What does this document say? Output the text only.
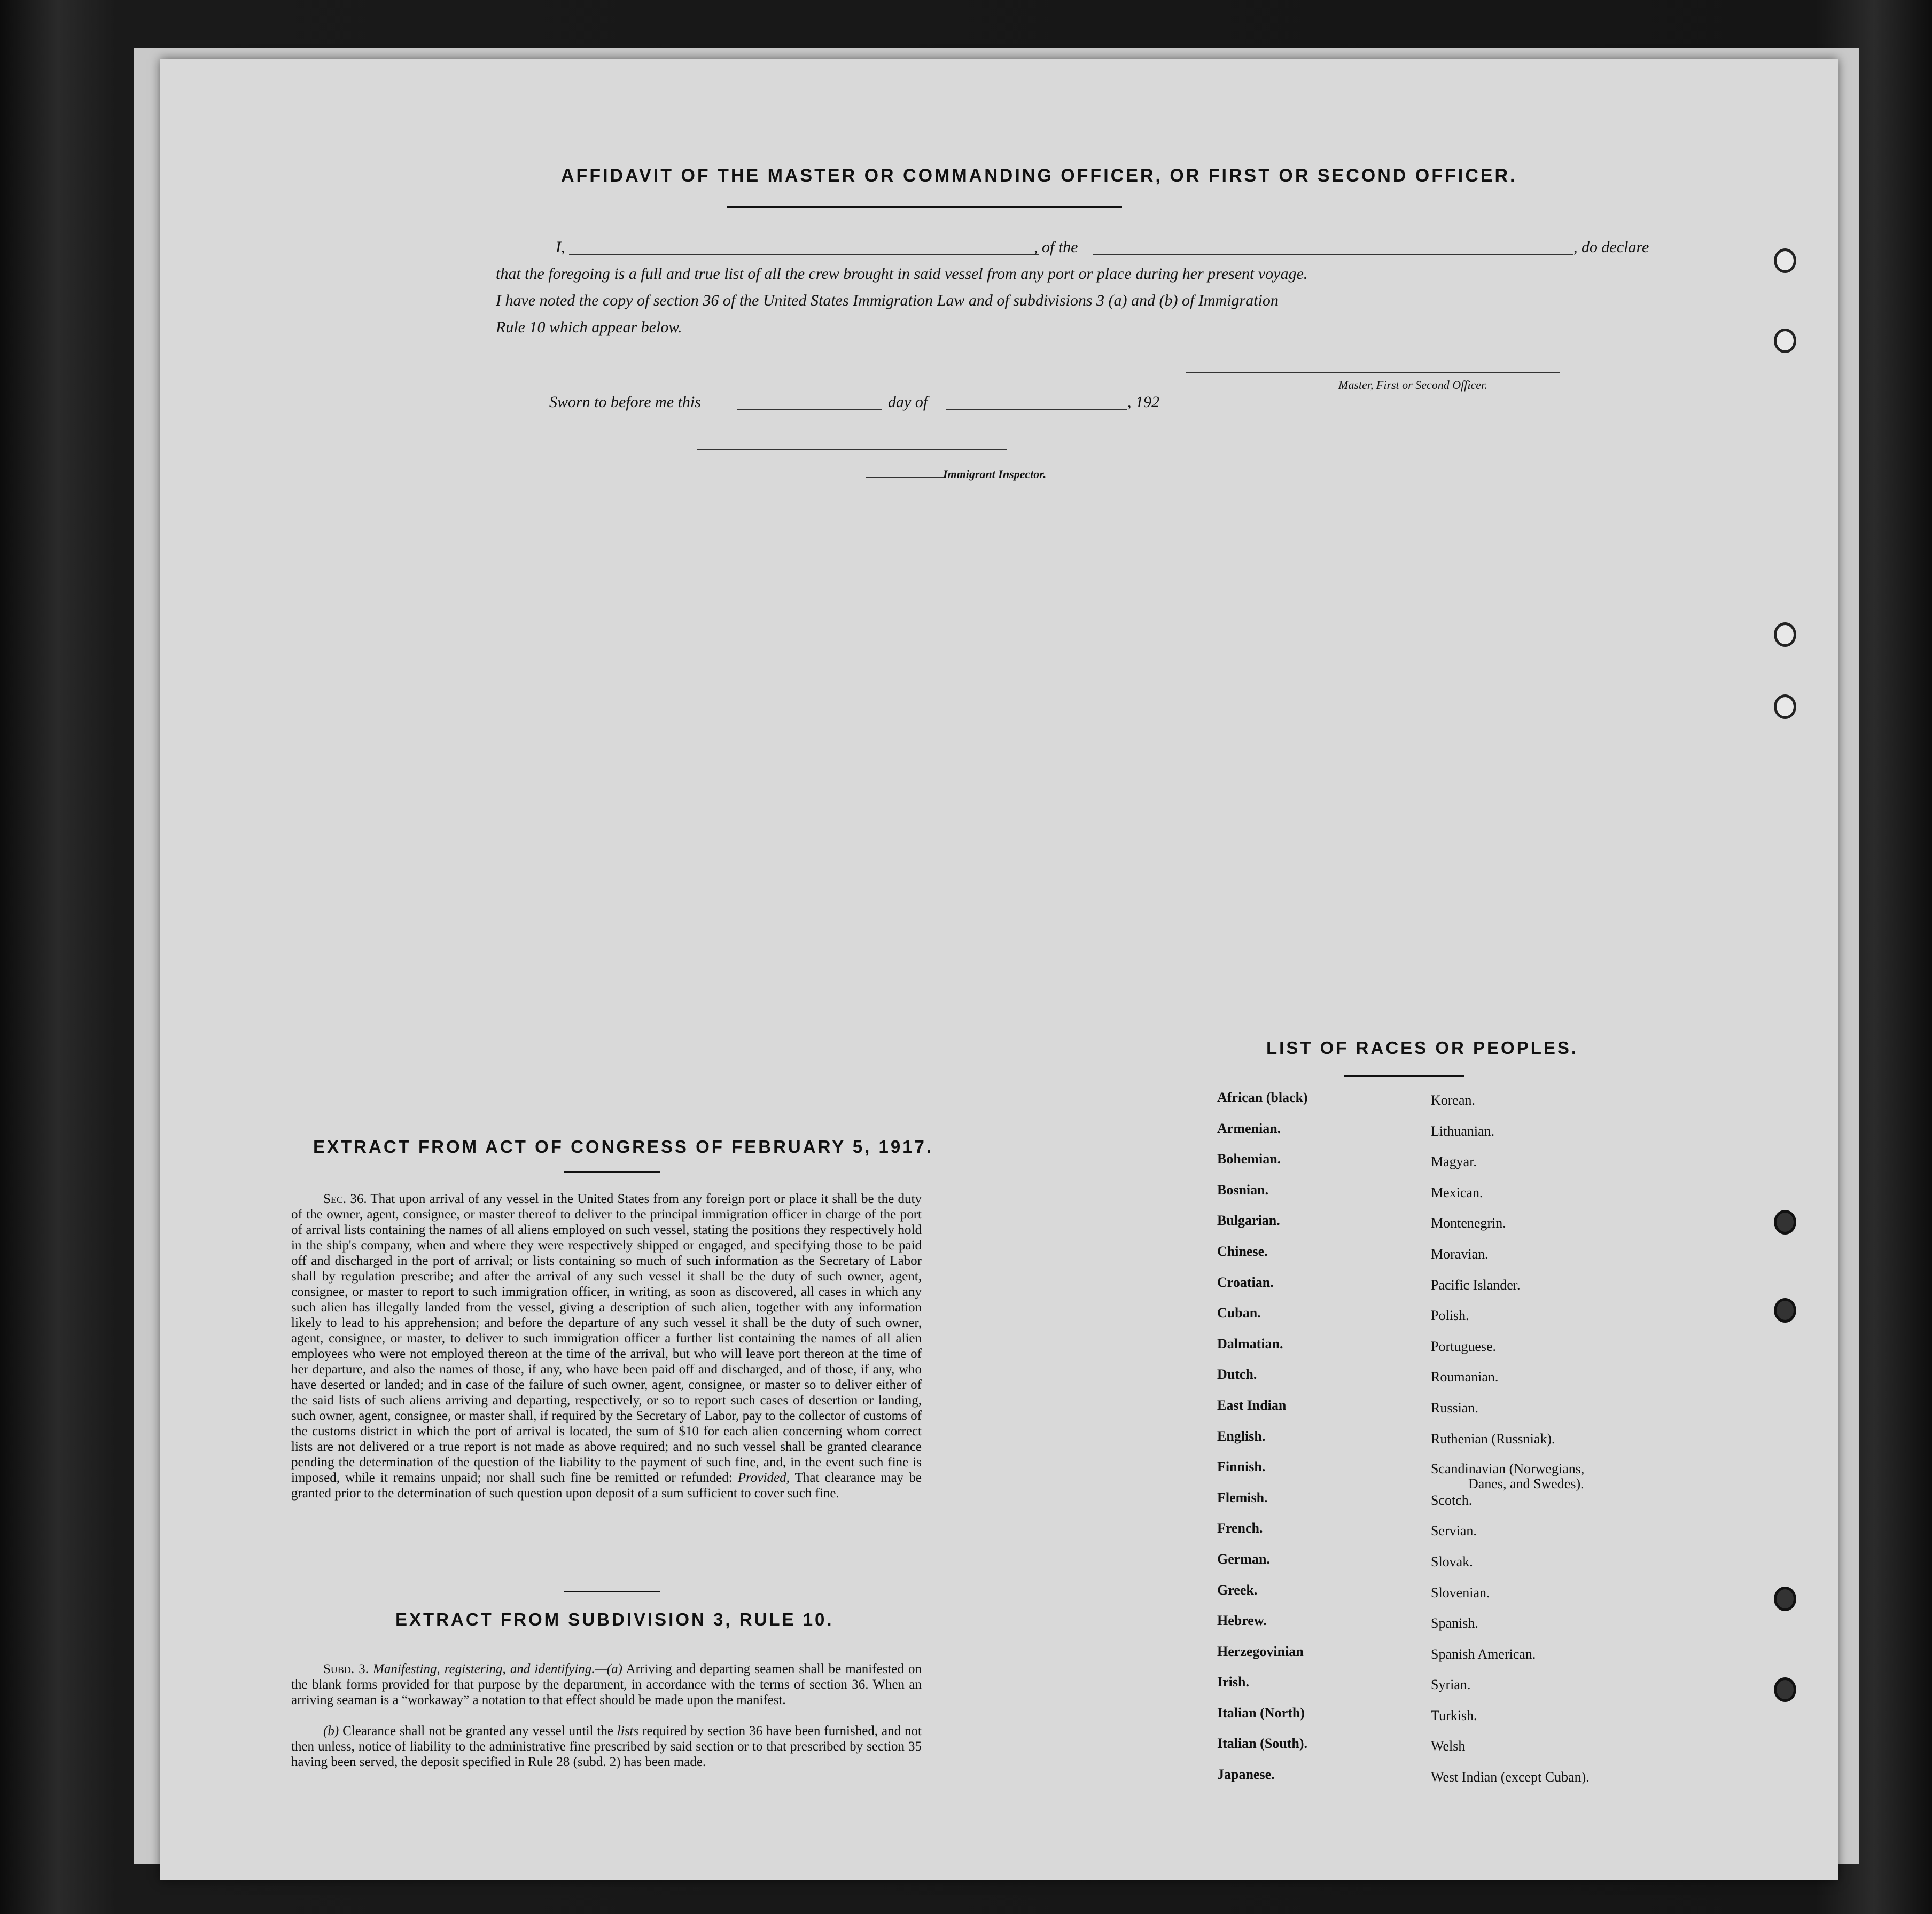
AFFIDAVIT OF THE MASTER OR COMMANDING OFFICER, OR FIRST OR SECOND OFFICER.
I,	, of the	, do declare
that the foregoing is a full and true list of all the crew brought in said vessel from any port or place during her present voyage.
I have noted the copy of section 36 of the United States Immigration Law and of subdivisions 3 (a) and (b) of Immigration
Rule 10 which appear below.
Master, First or Second Officer.
Sworn to before me this	day of	, 192
Immigrant Inspector.
EXTRACT FROM ACT OF CONGRESS OF FEBRUARY 5, 1917.
Sec. 36. That upon arrival of any vessel in the United States from any foreign port or place it shall be the duty of the owner, agent, consignee, or master thereof to deliver to the principal immigration officer in charge of the port of arrival lists containing the names of all aliens employed on such vessel, stating the positions they respectively hold in the ship's company, when and where they were respectively shipped or engaged, and specifying those to be paid off and discharged in the port of arrival; or lists containing so much of such information as the Secretary of Labor shall by regulation prescribe; and after the arrival of any such vessel it shall be the duty of such owner, agent, consignee, or master to report to such immigration officer, in writing, as soon as discovered, all cases in which any such alien has illegally landed from the vessel, giving a description of such alien, together with any information likely to lead to his apprehension; and before the departure of any such vessel it shall be the duty of such owner, agent, consignee, or master, to deliver to such immigration officer a further list containing the names of all alien employees who were not employed thereon at the time of the arrival, but who will leave port thereon at the time of her departure, and also the names of those, if any, who have been paid off and discharged, and of those, if any, who have deserted or landed; and in case of the failure of such owner, agent, consignee, or master so to deliver either of the said lists of such aliens arriving and departing, respectively, or so to report such cases of desertion or landing, such owner, agent, consignee, or master shall, if required by the Secretary of Labor, pay to the collector of customs of the customs district in which the port of arrival is located, the sum of $10 for each alien concerning whom correct lists are not delivered or a true report is not made as above required; and no such vessel shall be granted clearance pending the determination of the question of the liability to the payment of such fine, and, in the event such fine is imposed, while it remains unpaid; nor shall such fine be remitted or refunded: Provided, That clearance may be granted prior to the determination of such question upon deposit of a sum sufficient to cover such fine.
EXTRACT FROM SUBDIVISION 3, RULE 10.
Subd. 3. Manifesting, registering, and identifying.—(a) Arriving and departing seamen shall be manifested on the blank forms provided for that purpose by the department, in accordance with the terms of section 36. When an arriving seaman is a “workaway” a notation to that effect should be made upon the manifest.
(b) Clearance shall not be granted any vessel until the lists required by section 36 have been furnished, and not then unless, notice of liability to the administrative fine prescribed by said section or to that prescribed by section 35 having been served, the deposit specified in Rule 28 (subd. 2) has been made.
LIST OF RACES OR PEOPLES.
African (black)
Armenian.
Bohemian.
Bosnian.
Bulgarian.
Chinese.
Croatian.
Cuban.
Dalmatian.
Dutch.
East Indian
English.
Finnish.
Flemish.
French.
German.
Greek.
Hebrew.
Herzegovinian
Irish.
Italian (North)
Italian (South).
Japanese.
Korean.
Lithuanian.
Magyar.
Mexican.
Montenegrin.
Moravian.
Pacific Islander.
Polish.
Portuguese.
Roumanian.
Russian.
Ruthenian (Russniak).
Scandinavian (Norwegians,
Danes, and Swedes).
Scotch.
Servian.
Slovak.
Slovenian.
Spanish.
Spanish American.
Syrian.
Turkish.
Welsh
West Indian (except Cuban).
